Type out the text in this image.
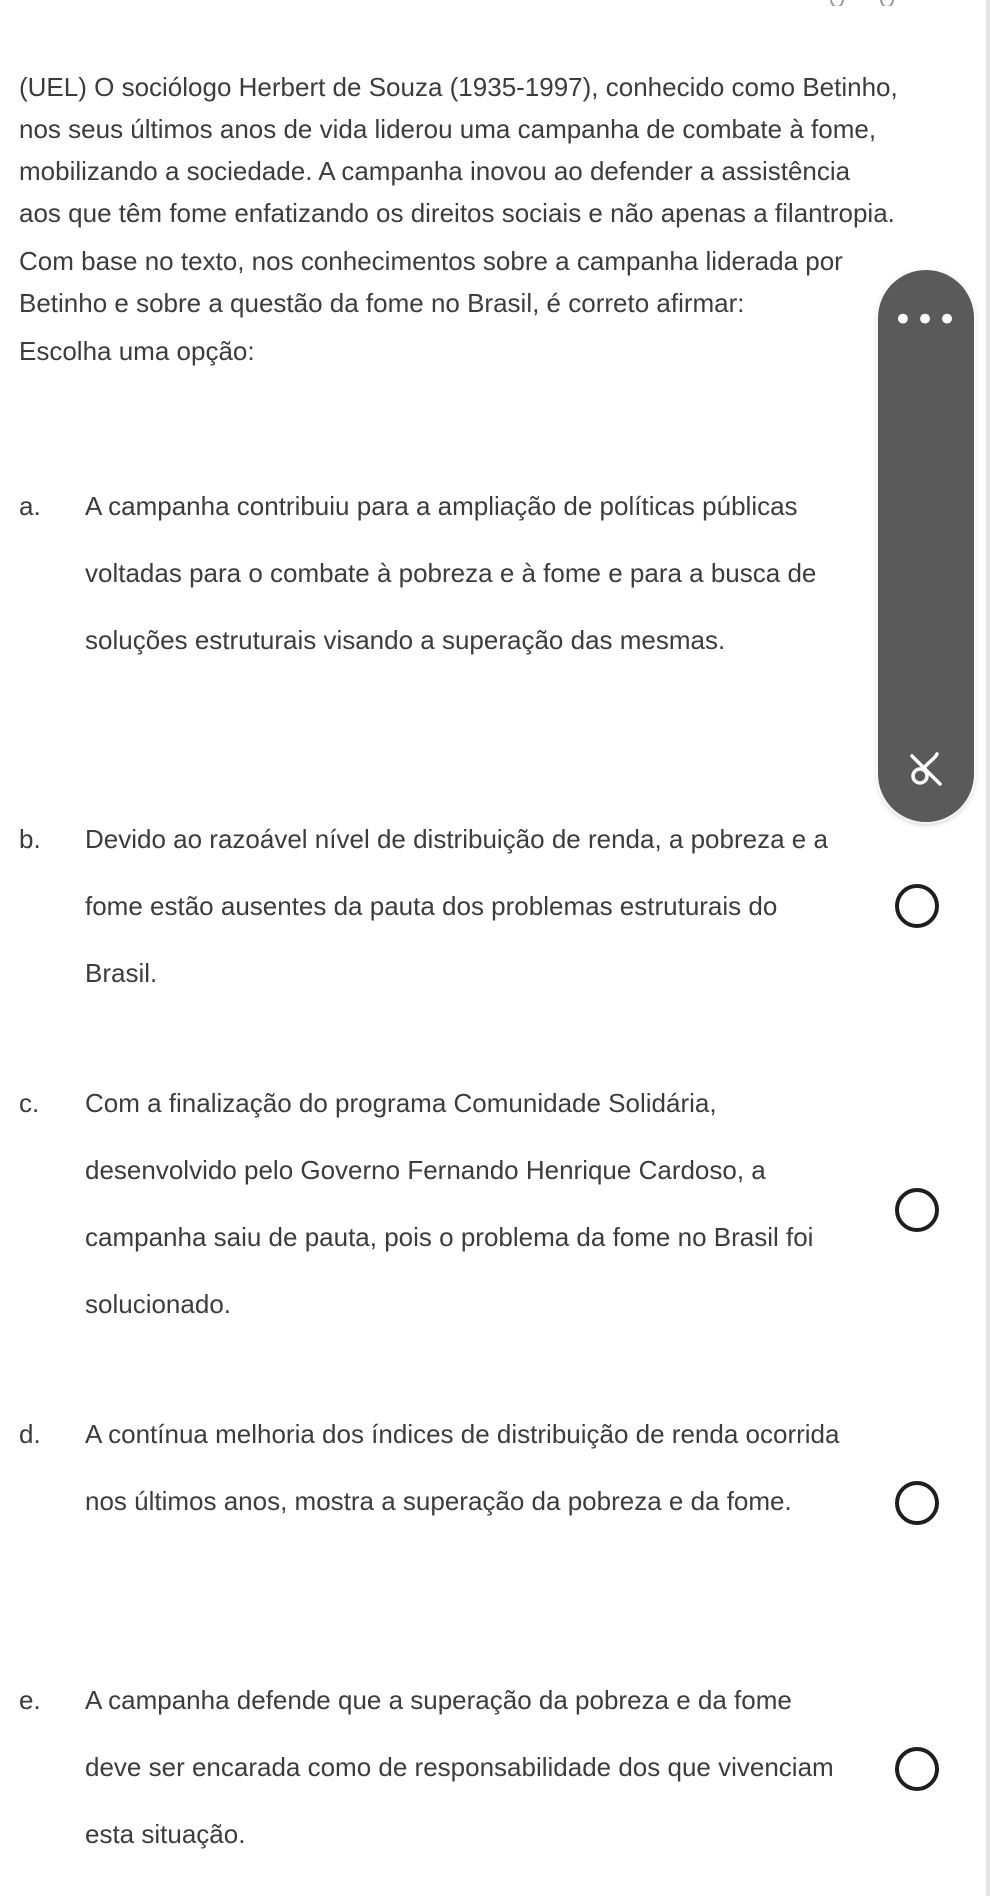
(UEL) O sociólogo Herbert de Souza (1935-1997), conhecido como Betinho, nos seus últimos anos de vida liderou uma campanha de combate à fome, mobilizando a sociedade. A campanha inovou ao defender a assistência aos que têm fome enfatizando os direitos sociais e não apenas a filantropia.

Com base no texto, nos conhecimentos sobre a campanha liderada por Betinho e sobre a questão da fome no Brasil, é correto afirmar:

Escolha uma opção:

a. A campanha contribuiu para a ampliação de políticas públicas voltadas para o combate à pobreza e à fome e para a busca de soluções estruturais visando a superação das mesmas.
b. Devido ao razoável nível de distribuição de renda, a pobreza e a fome estão ausentes da pauta dos problemas estruturais do Brasil.
c. Com a finalização do programa Comunidade Solidária, desenvolvido pelo Governo Fernando Henrique Cardoso, a campanha saiu de pauta, pois o problema da fome no Brasil foi solucionado.
d. A contínua melhoria dos índices de distribuição de renda ocorrida nos últimos anos, mostra a superação da pobreza e da fome.
e. A campanha defende que a superação da pobreza e da fome deve ser encarada como de responsabilidade dos que vivenciam esta situação.
•••
